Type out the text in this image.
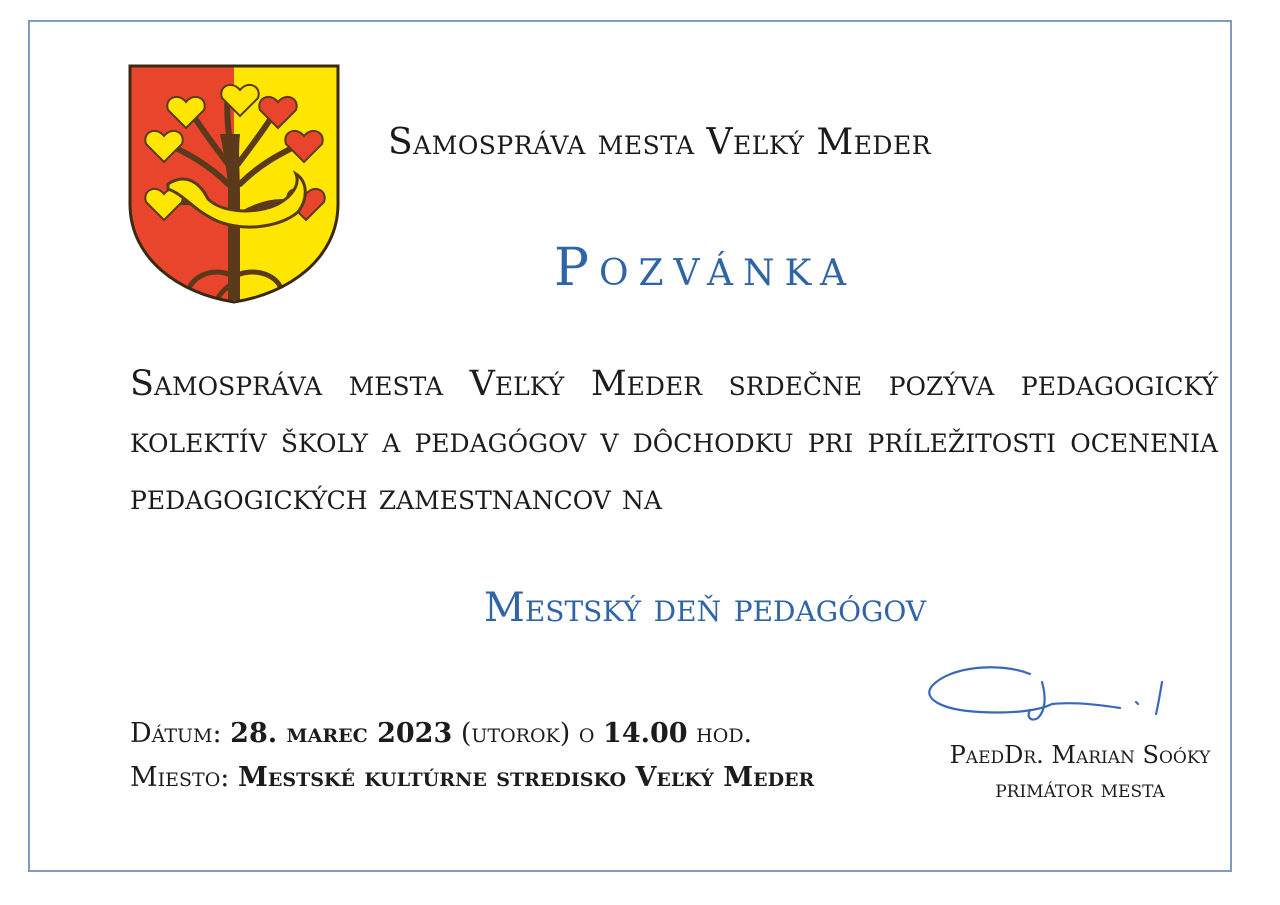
Samospráva mesta Veľký Meder
Pozvánka
Samospráva mesta Veľký Meder srdečne pozýva pedagogický kolektív školy a pedagógov v dôchodku pri príležitosti ocenenia pedagogických zamestnancov na
Mestský deň pedagógov
Dátum: 28. marec 2023 (utorok) o 14.00 hod.
Miesto: Mestské kultúrne stredisko Veľký Meder
PaedDr. Marian Soóky
primátor mesta
